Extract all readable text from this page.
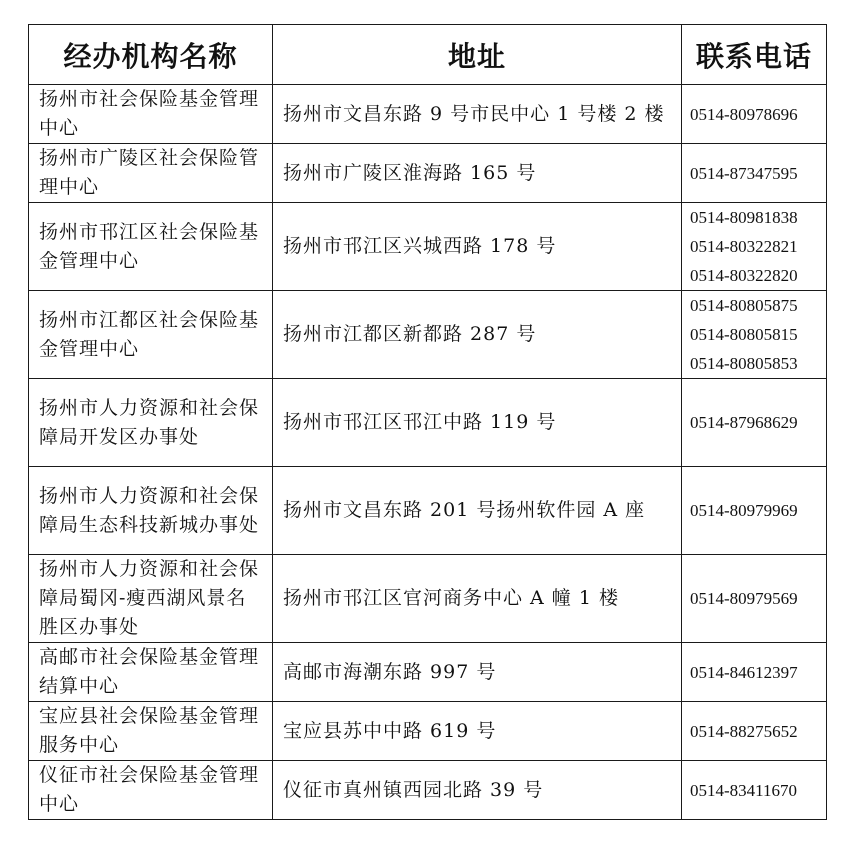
经办机构名称	地址	联系电话
扬州市社会保险基金管理中心	扬州市文昌东路 9 号市民中心 1 号楼 2 楼	0514-80978696

扬州市广陵区社会保险管理中心	扬州市广陵区淮海路 165 号	0514-87347595

扬州市邗江区社会保险基金管理中心	扬州市邗江区兴城西路 178 号	0514-80981838
0514-80322821
0514-80322820

扬州市江都区社会保险基金管理中心	扬州市江都区新都路 287 号	0514-80805875
0514-80805815
0514-80805853

扬州市人力资源和社会保障局开发区办事处	扬州市邗江区邗江中路 119 号	0514-87968629

扬州市人力资源和社会保障局生态科技新城办事处	扬州市文昌东路 201 号扬州软件园 A 座	0514-80979969

扬州市人力资源和社会保障局蜀冈-瘦西湖风景名胜区办事处	扬州市邗江区官河商务中心 A 幢 1 楼	0514-80979569

高邮市社会保险基金管理结算中心	高邮市海潮东路 997 号	0514-84612397

宝应县社会保险基金管理服务中心	宝应县苏中中路 619 号	0514-88275652

仪征市社会保险基金管理中心	仪征市真州镇西园北路 39 号	0514-83411670
